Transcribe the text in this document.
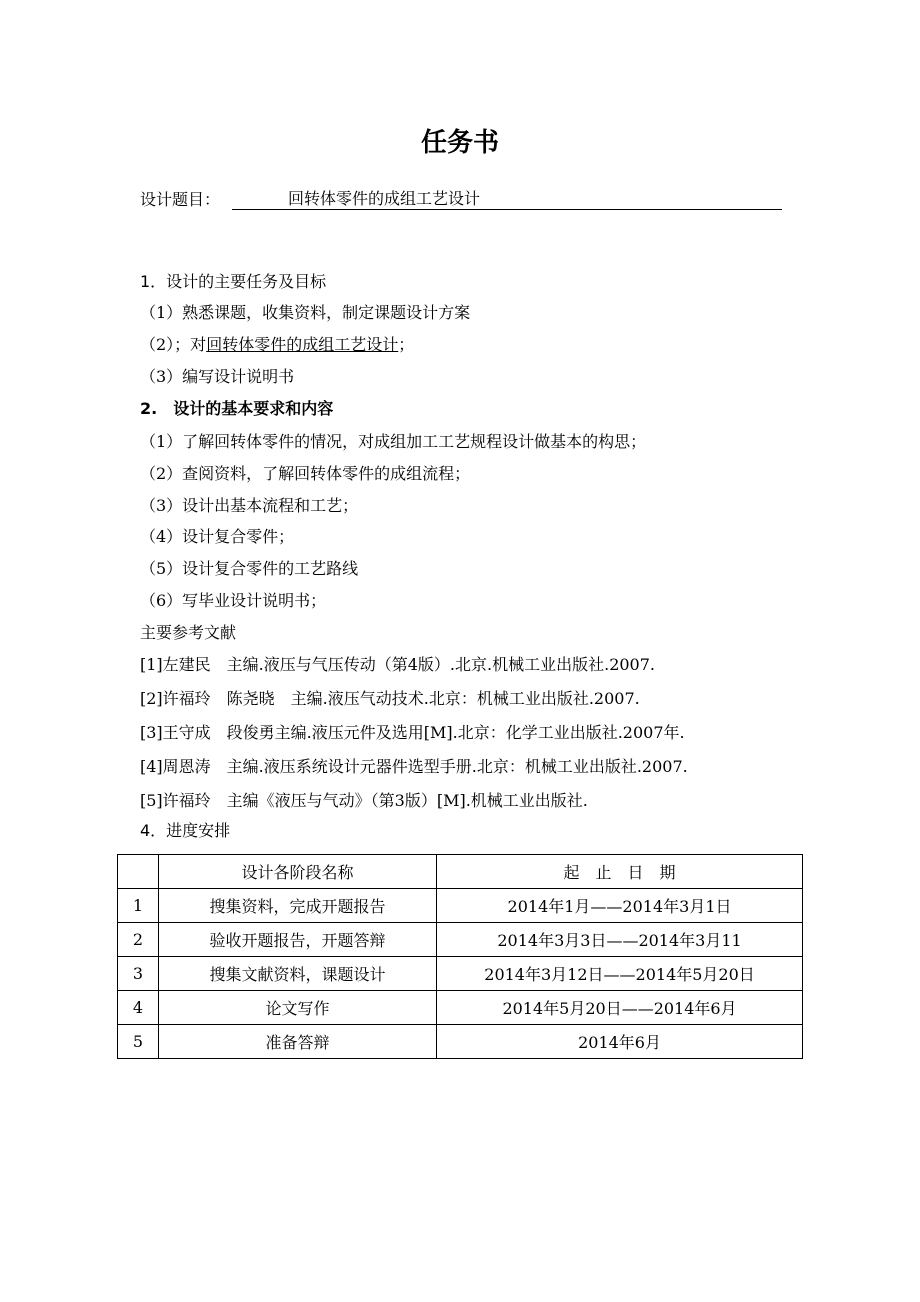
任务书
设计题目：	回转体零件的成组工艺设计
1．设计的主要任务及目标
（1）熟悉课题，收集资料，制定课题设计方案
（2）；对回转体零件的成组工艺设计；
（3）编写设计说明书
2.　设计的基本要求和内容
（1）了解回转体零件的情况，对成组加工工艺规程设计做基本的构思；
（2）查阅资料，了解回转体零件的成组流程；
（3）设计出基本流程和工艺；
（4）设计复合零件；
（5）设计复合零件的工艺路线
（6）写毕业设计说明书；
主要参考文献
[1]左建民　主编.液压与气压传动（第4版）.北京.机械工业出版社.2007.
[2]许福玲　陈尧晓　主编.液压气动技术.北京：机械工业出版社.2007.
[3]王守成　段俊勇主编.液压元件及选用[M].北京：化学工业出版社.2007年.
[4]周恩涛　主编.液压系统设计元器件选型手册.北京：机械工业出版社.2007.
[5]许福玲　主编《液压与气动》（第3版）[M].机械工业出版社.
4．进度安排
	设计各阶段名称	起　止　日　期
1	搜集资料，完成开题报告	2014年1月——2014年3月1日
2	验收开题报告，开题答辩	2014年3月3日——2014年3月11
3	搜集文献资料，课题设计	2014年3月12日——2014年5月20日
4	论文写作	2014年5月20日——2014年6月
5	准备答辩	2014年6月
